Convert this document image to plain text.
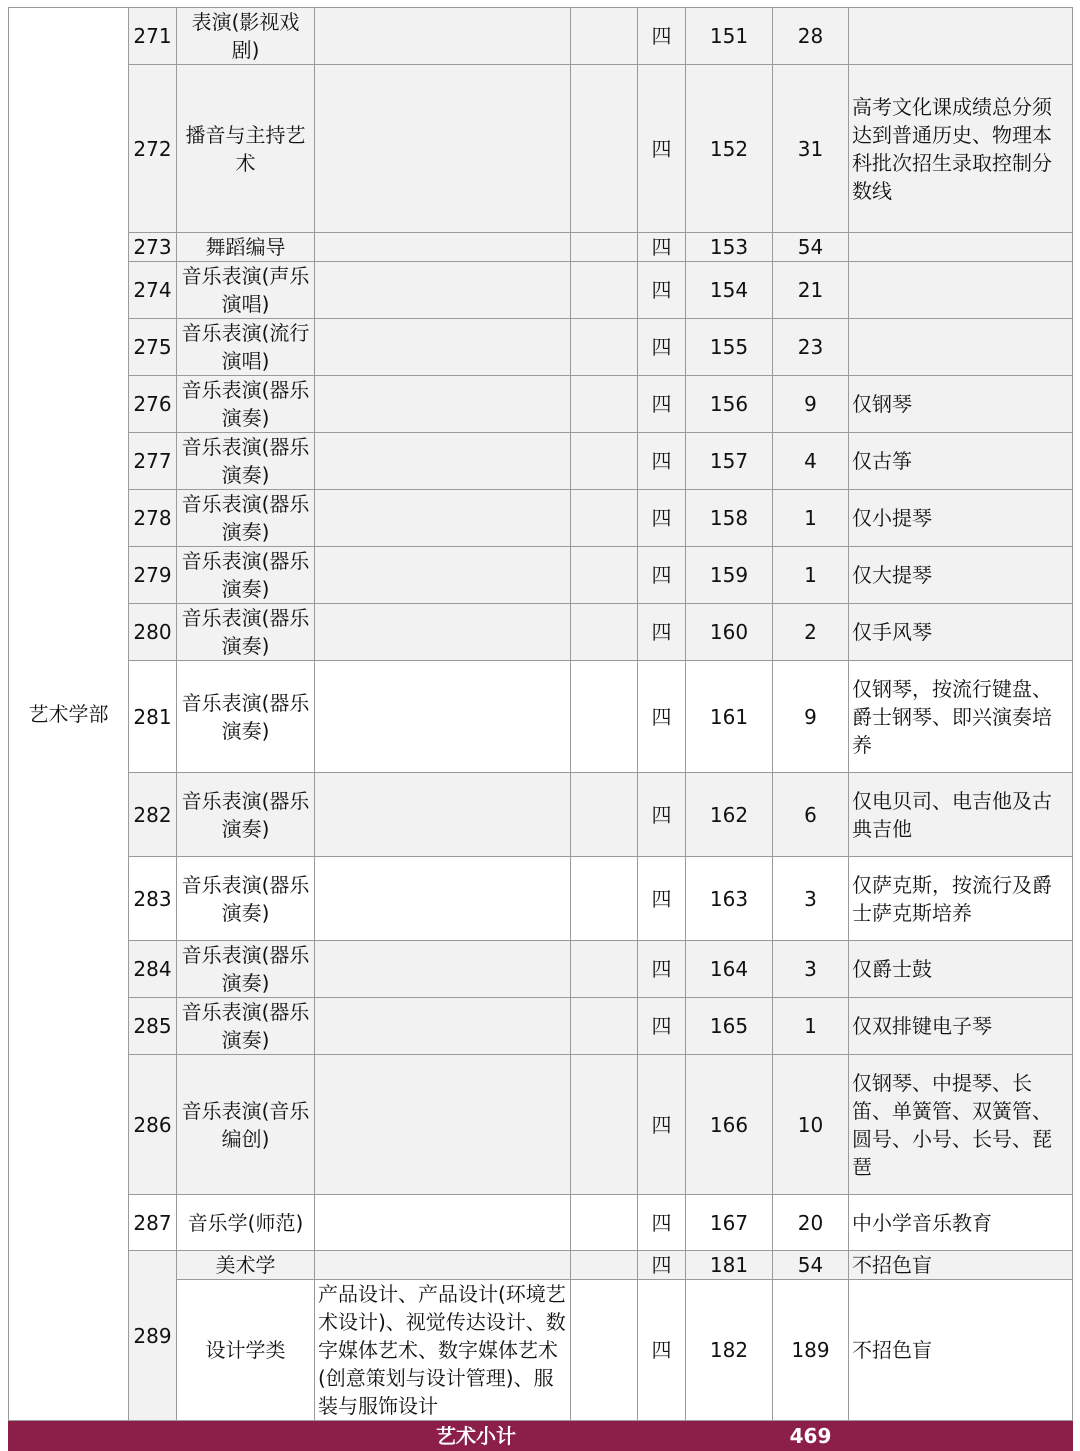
艺术学部	271	表演(影视戏剧)			四	151	28	
	272	播音与主持艺术			四	152	31	高考文化课成绩总分须达到普通历史、物理本科批次招生录取控制分数线
	273	舞蹈编导			四	153	54	
	274	音乐表演(声乐演唱)			四	154	21	
	275	音乐表演(流行演唱)			四	155	23	
	276	音乐表演(器乐演奏)			四	156	9	仅钢琴
	277	音乐表演(器乐演奏)			四	157	4	仅古筝
	278	音乐表演(器乐演奏)			四	158	1	仅小提琴
	279	音乐表演(器乐演奏)			四	159	1	仅大提琴
	280	音乐表演(器乐演奏)			四	160	2	仅手风琴
	281	音乐表演(器乐演奏)			四	161	9	仅钢琴，按流行键盘、爵士钢琴、即兴演奏培养
	282	音乐表演(器乐演奏)			四	162	6	仅电贝司、电吉他及古典吉他
	283	音乐表演(器乐演奏)			四	163	3	仅萨克斯，按流行及爵士萨克斯培养
	284	音乐表演(器乐演奏)			四	164	3	仅爵士鼓
	285	音乐表演(器乐演奏)			四	165	1	仅双排键电子琴
	286	音乐表演(音乐编创)			四	166	10	仅钢琴、中提琴、长笛、单簧管、双簧管、圆号、小号、长号、琵琶
	287	音乐学(师范)			四	167	20	中小学音乐教育
	289	美术学			四	181	54	不招色盲
		设计学类	产品设计、产品设计(环境艺术设计)、视觉传达设计、数字媒体艺术、数字媒体艺术(创意策划与设计管理)、服装与服饰设计		四	182	189	不招色盲
			艺术小计				469	
高考直通车
